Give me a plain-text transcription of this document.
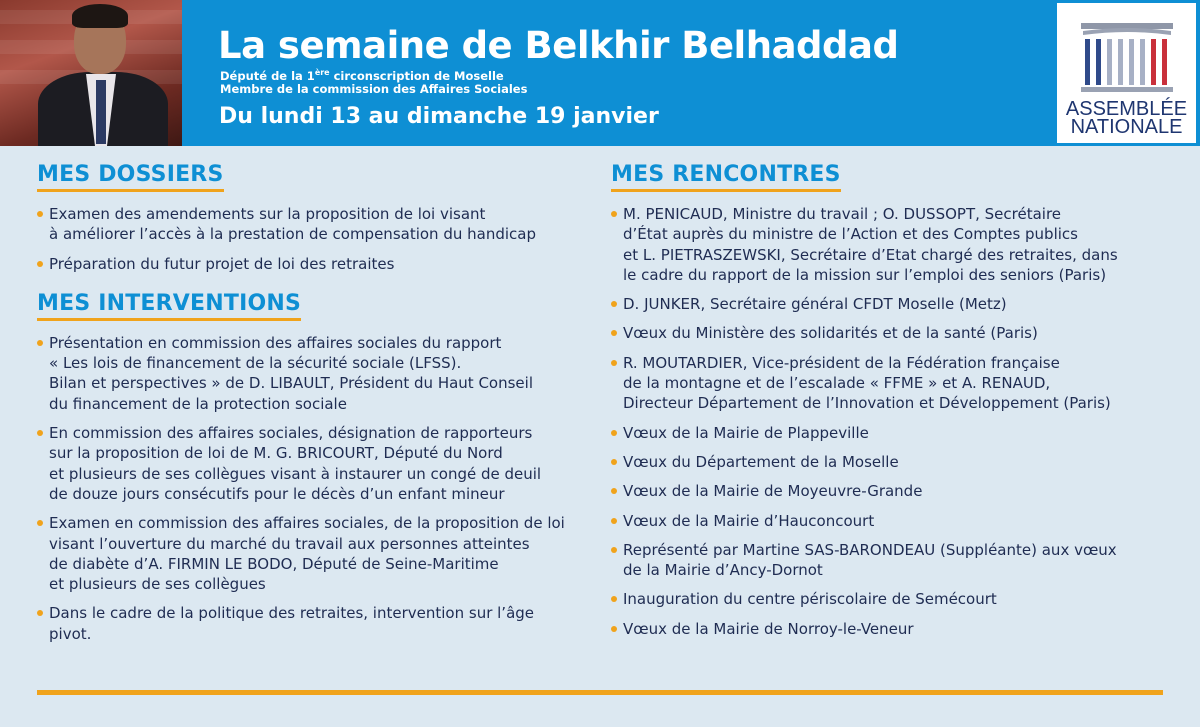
La semaine de Belkhir Belhaddad
Député de la 1ère circonscription de Moselle
Membre de la commission des Affaires Sociales
Du lundi 13 au dimanche 19 janvier	ASSEMBLÉE
NATIONALE
MES DOSSIERS
Examen des amendements sur la proposition de loi visant
à améliorer l’accès à la prestation de compensation du handicap
Préparation du futur projet de loi des retraites
MES INTERVENTIONS
Présentation en commission des affaires sociales du rapport
« Les lois de financement de la sécurité sociale (LFSS).
Bilan et perspectives » de D. LIBAULT, Président du Haut Conseil
du financement de la protection sociale
En commission des affaires sociales, désignation de rapporteurs
sur la proposition de loi de M. G. BRICOURT, Député du Nord
et plusieurs de ses collègues visant à instaurer un congé de deuil
de douze jours consécutifs pour le décès d’un enfant mineur
Examen en commission des affaires sociales, de la proposition de loi
visant l’ouverture du marché du travail aux personnes atteintes
de diabète d’A. FIRMIN LE BODO, Député de Seine-Maritime
et plusieurs de ses collègues
Dans le cadre de la politique des retraites, intervention sur l’âge
pivot.
MES RENCONTRES
M. PENICAUD, Ministre du travail ; O. DUSSOPT, Secrétaire
d’État auprès du ministre de l’Action et des Comptes publics
et L. PIETRASZEWSKI, Secrétaire d’Etat chargé des retraites, dans
le cadre du rapport de la mission sur l’emploi des seniors (Paris)
D. JUNKER, Secrétaire général CFDT Moselle (Metz)
Vœux du Ministère des solidarités et de la santé (Paris)
R. MOUTARDIER, Vice-président de la Fédération française
de la montagne et de l’escalade « FFME » et A. RENAUD,
Directeur Département de l’Innovation et Développement (Paris)
Vœux de la Mairie de Plappeville
Vœux du Département de la Moselle
Vœux de la Mairie de Moyeuvre-Grande
Vœux de la Mairie d’Hauconcourt
Représenté par Martine SAS-BARONDEAU (Suppléante) aux vœux
de la Mairie d’Ancy-Dornot
Inauguration du centre périscolaire de Semécourt
Vœux de la Mairie de Norroy-le-Veneur
